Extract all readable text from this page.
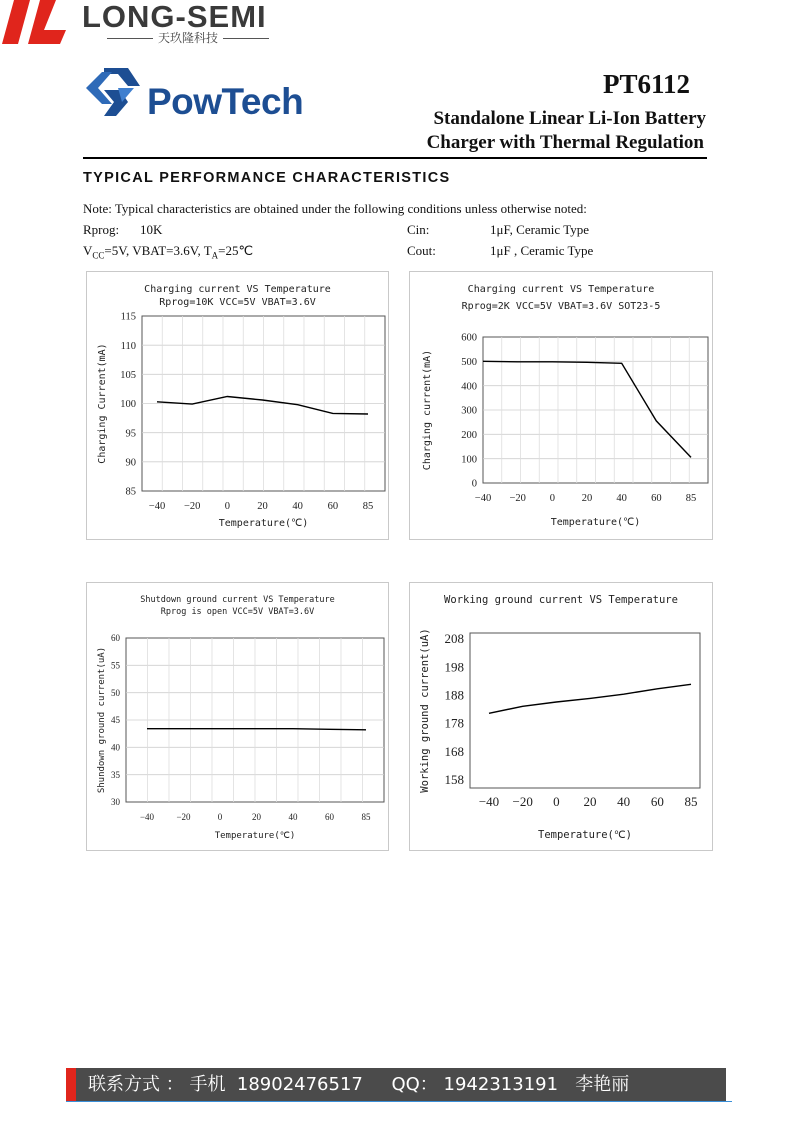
LONG-SEMI
天玖隆科技
PowTech	PT6112
Standalone Linear Li-Ion Battery
Charger with Thermal Regulation
TYPICAL PERFORMANCE CHARACTERISTICS
Note: Typical characteristics are obtained under the following conditions unless otherwise noted:
Rprog: 10K	Cin:	1μF, Ceramic Type
$V_{CC}=5V$, VBAT=3.6V, $T_A=25℃$	Cout:	1μF , Ceramic Type
Charging current VS Temperature
Rprog=10K VCC=5V VBAT=3.6V
115
110
105
100
95
90
85
−40 −20 0	20 40 60 85
Temperature(℃)
Charging Current(mA)
Charging current VS Temperature
Rprog=2K VCC=5V VBAT=3.6V SOT23-5
600
500
400
300
200
100
0
−40 −20 0	20 40 60 85
Temperature(℃)
Charging current(mA)
Shutdown ground current VS Temperature
Rprog is open VCC=5V VBAT=3.6V
60
55
50
45
40
35
30
−40 −20	0	20	40	60	85
Temperature(℃)
Shundown ground current(uA)
Working ground current VS Temperature
208
198
188
178
168
158
−40 −20 0 20 40 60 85
Temperature(℃)
Working ground current(uA)
联系方式 ： 手机  18902476517     QQ： 1942313191   李艳丽
